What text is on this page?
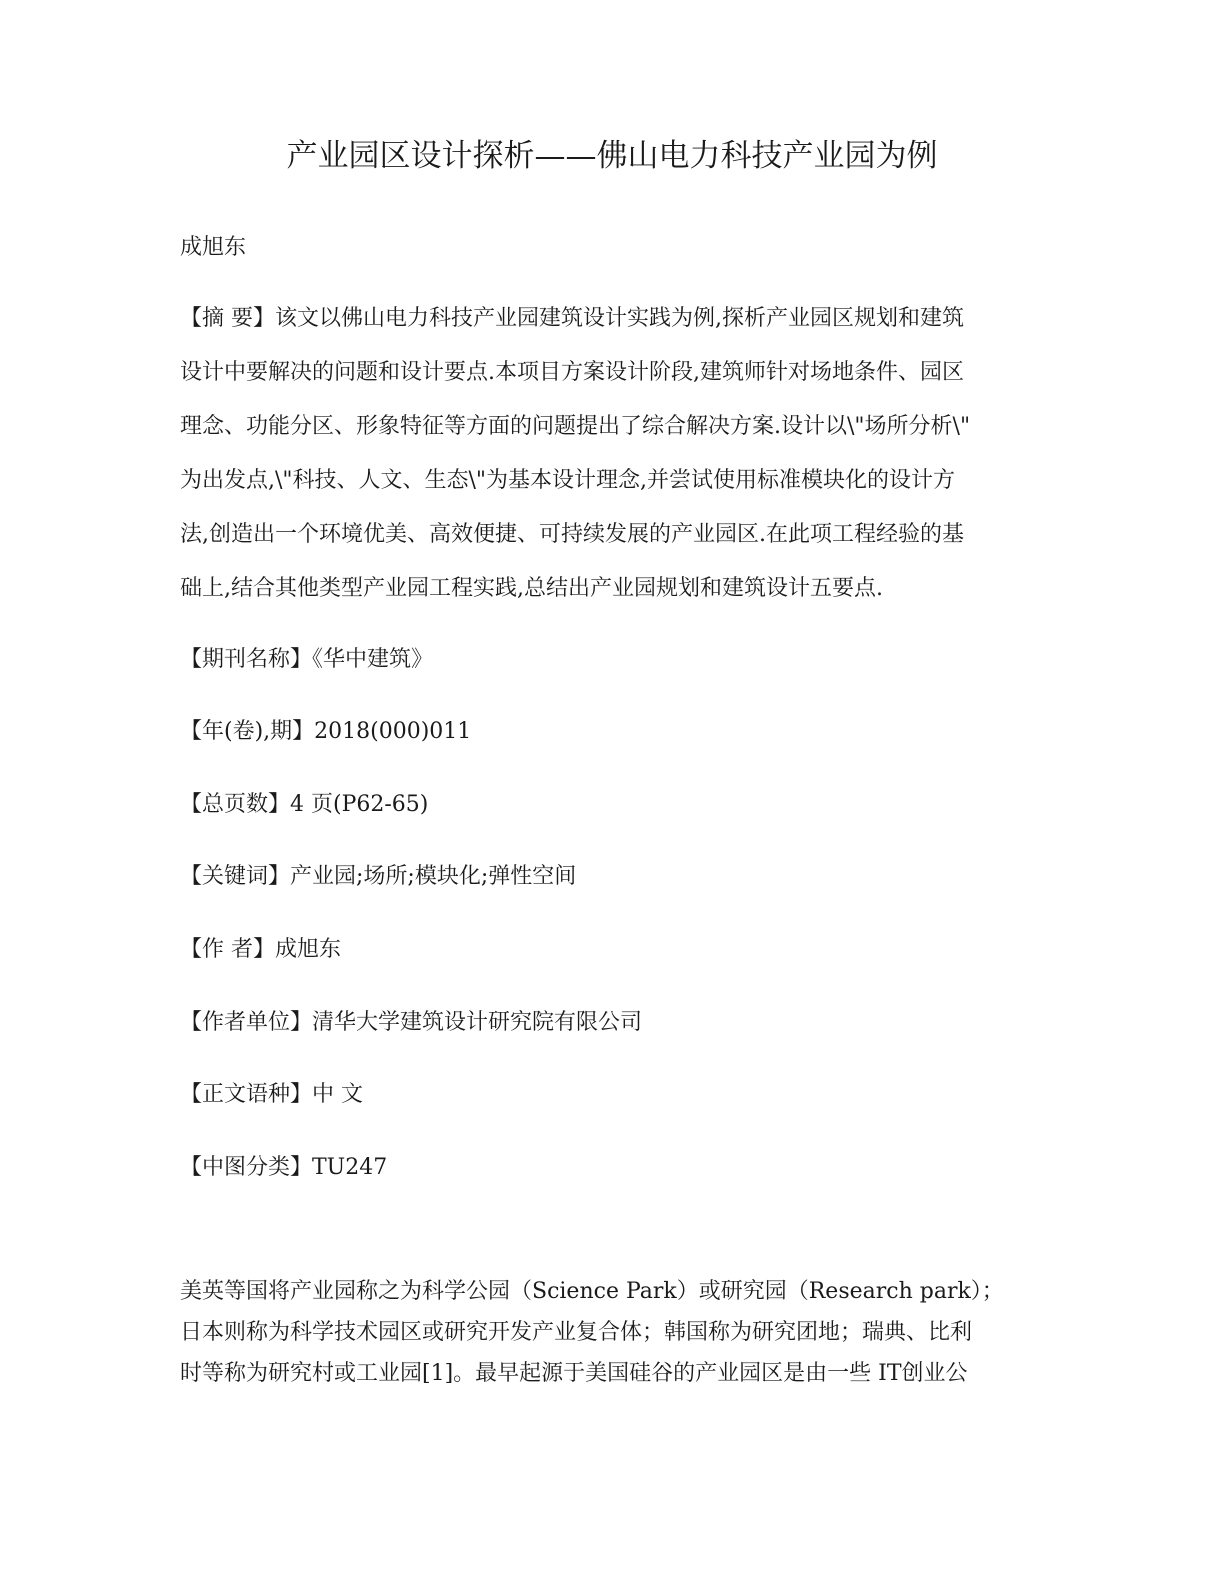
产业园区设计探析——佛山电力科技产业园为例
成旭东
【摘 要】该文以佛山电力科技产业园建筑设计实践为例,探析产业园区规划和建筑
设计中要解决的问题和设计要点.本项目方案设计阶段,建筑师针对场地条件、园区
理念、功能分区、形象特征等方面的问题提出了综合解决方案.设计以\"场所分析\"
为出发点,\"科技、人文、生态\"为基本设计理念,并尝试使用标准模块化的设计方
法,创造出一个环境优美、高效便捷、可持续发展的产业园区.在此项工程经验的基
础上,结合其他类型产业园工程实践,总结出产业园规划和建筑设计五要点.
【期刊名称】《华中建筑》
【年(卷),期】2018(000)011
【总页数】4 页(P62-65)
【关键词】产业园;场所;模块化;弹性空间
【作 者】成旭东
【作者单位】清华大学建筑设计研究院有限公司
【正文语种】中 文
【中图分类】TU247
美英等国将产业园称之为科学公园（Science Park）或研究园（Research park）；
日本则称为科学技术园区或研究开发产业复合体；韩国称为研究团地；瑞典、比利
时等称为研究村或工业园[1]。最早起源于美国硅谷的产业园区是由一些 IT创业公
